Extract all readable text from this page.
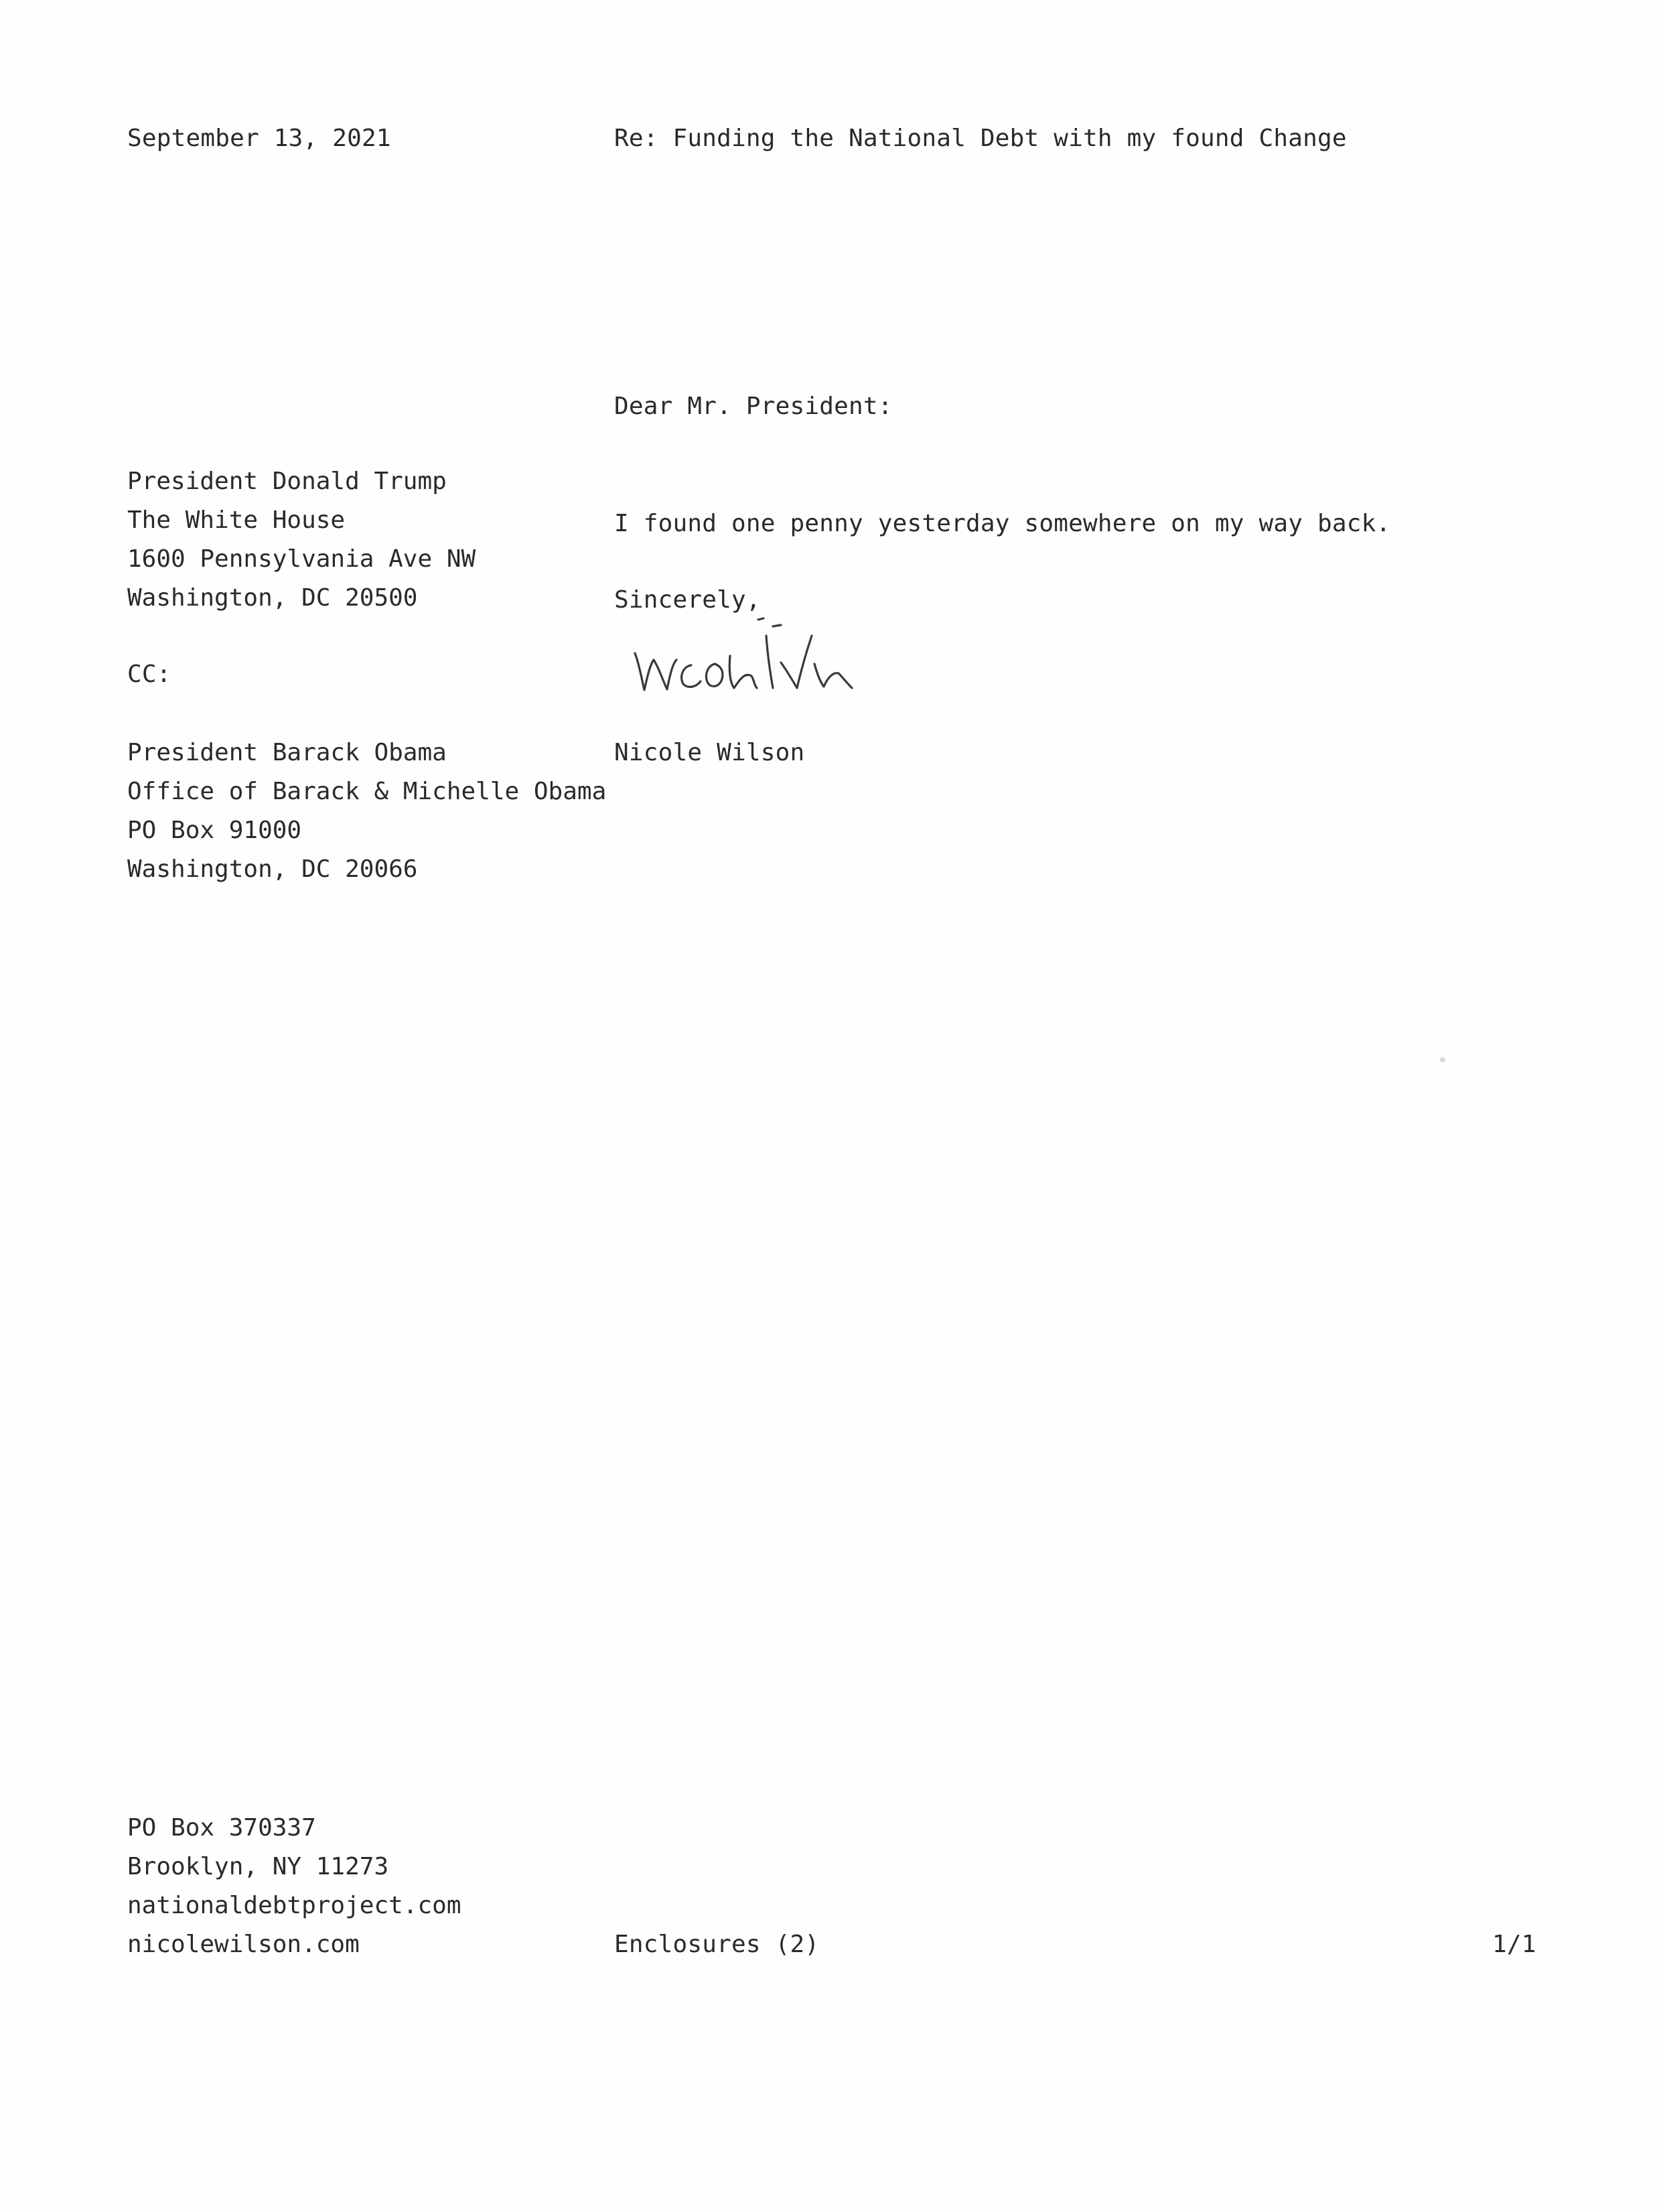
September 13, 2021	Re: Funding the National Debt with my found Change
Dear Mr. President:
President Donald Trump
The White House
1600 Pennsylvania Ave NW
Washington, DC 20500
I found one penny yesterday somewhere on my way back.
Sincerely,
CC:
Nicole Wilson
President Barack Obama
Office of Barack & Michelle Obama
PO Box 91000
Washington, DC 20066
PO Box 370337
Brooklyn, NY 11273
nationaldebtproject.com
nicolewilson.com	Enclosures (2)	1/1
